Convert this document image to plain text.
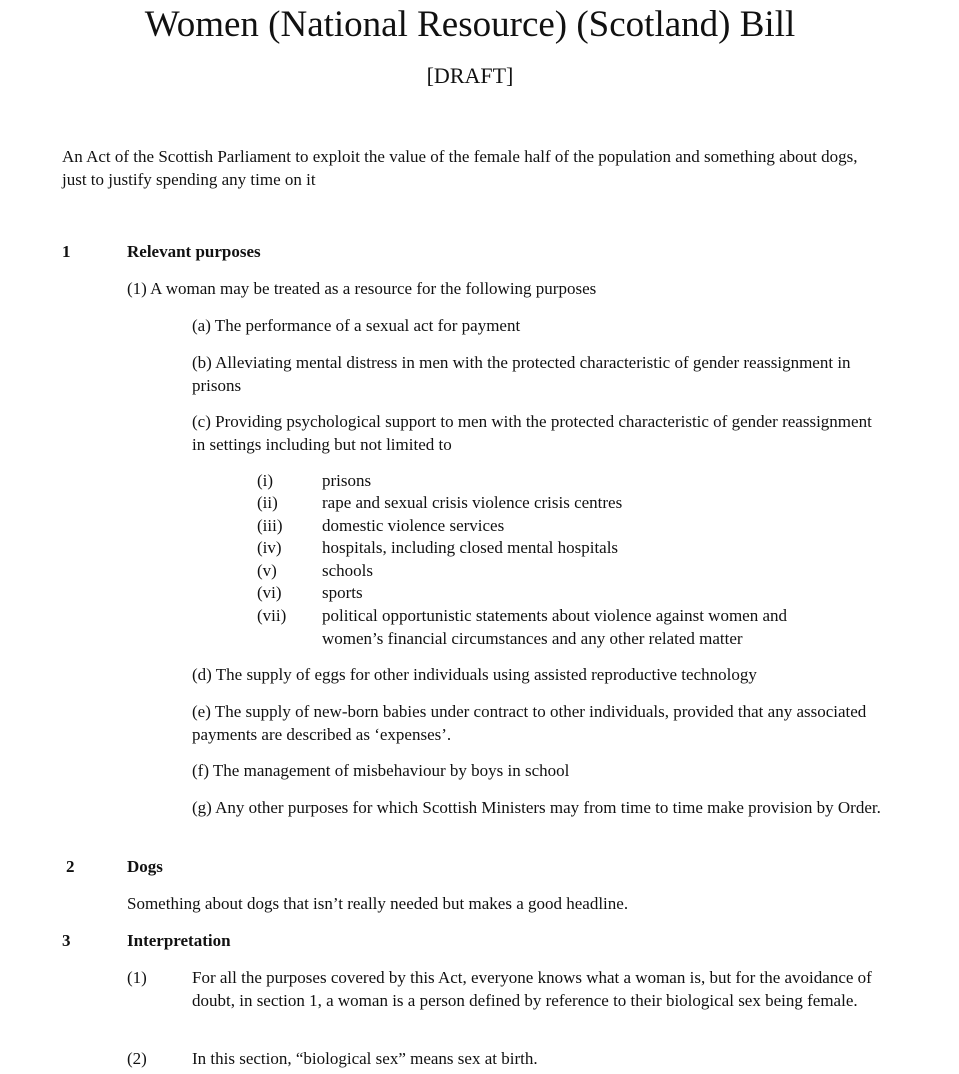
Women (National Resource) (Scotland) Bill
[DRAFT]
An Act of the Scottish Parliament to exploit the value of the female half of the population and something about dogs, just to justify spending any time on it
1	Relevant purposes
(1) A woman may be treated as a resource for the following purposes
(a) The performance of a sexual act for payment
(b) Alleviating mental distress in men with the protected characteristic of gender reassignment in prisons
(c) Providing psychological support to men with the protected characteristic of gender reassignment in settings including but not limited to
(i)	prisons
(ii)	rape and sexual crisis violence crisis centres
(iii)	domestic violence services
(iv)	hospitals, including closed mental hospitals
(v)	schools
(vi)	sports
(vii)	political opportunistic statements about violence against women and women’s financial circumstances and any other related matter
(d) The supply of eggs for other individuals using assisted reproductive technology
(e) The supply of new-born babies under contract to other individuals, provided that any associated payments are described as ‘expenses’.
(f) The management of misbehaviour by boys in school
(g) Any other purposes for which Scottish Ministers may from time to time make provision by Order.
2	Dogs
Something about dogs that isn’t really needed but makes a good headline.
3	Interpretation
(1)	For all the purposes covered by this Act, everyone knows what a woman is, but for the avoidance of doubt, in section 1, a woman is a person defined by reference to their biological sex being female.
(2)	In this section, “biological sex” means sex at birth.
